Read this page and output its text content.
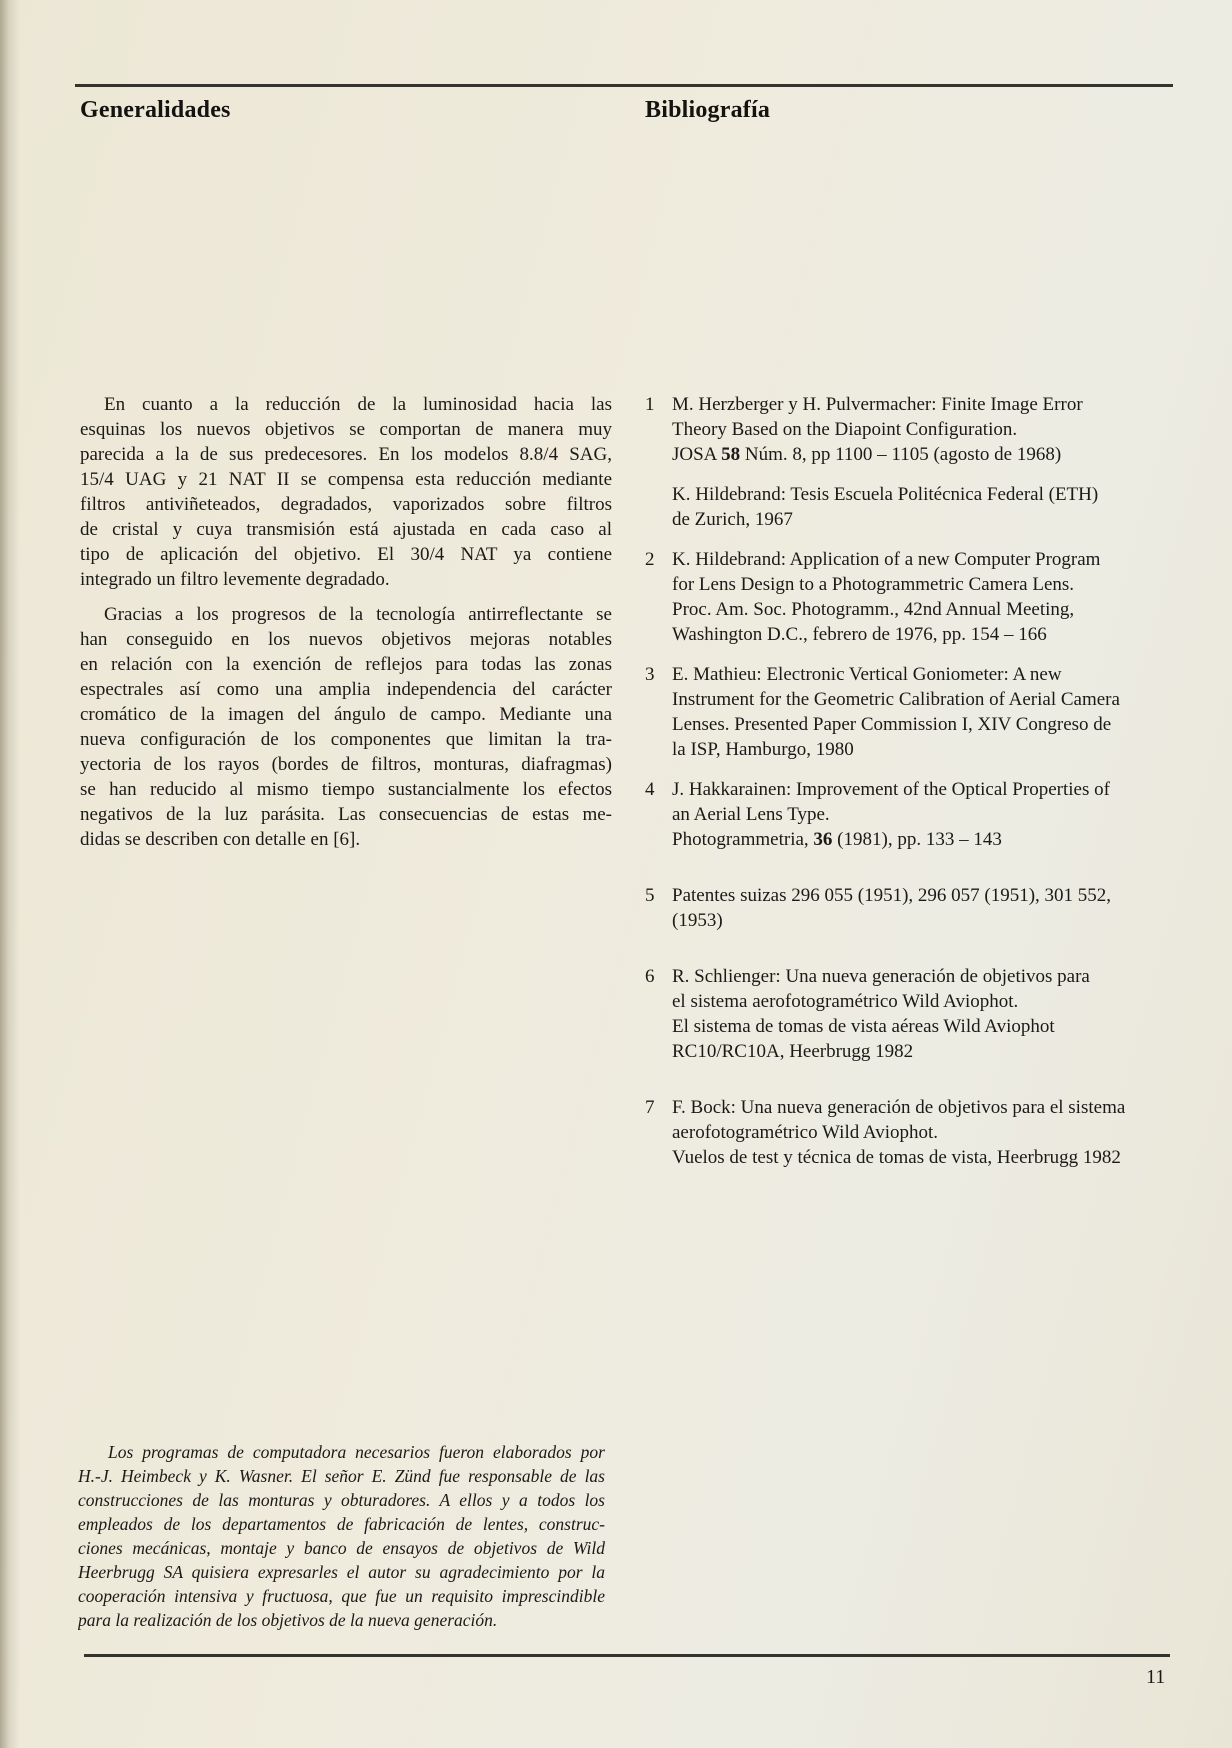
Generalidades	Bibliografía
En cuanto a la reducción de la luminosidad hacia las
esquinas los nuevos objetivos se comportan de manera muy
parecida a la de sus predecesores. En los modelos 8.8/4 SAG,
15/4 UAG y 21 NAT II se compensa esta reducción mediante
filtros antiviñeteados, degradados, vaporizados sobre filtros
de cristal y cuya transmisión está ajustada en cada caso al
tipo de aplicación del objetivo. El 30/4 NAT ya contiene
integrado un filtro levemente degradado.
Gracias a los progresos de la tecnología antirreflectante se
han conseguido en los nuevos objetivos mejoras notables
en relación con la exención de reflejos para todas las zonas
espectrales así como una amplia independencia del carácter
cromático de la imagen del ángulo de campo. Mediante una
nueva configuración de los componentes que limitan la tra-
yectoria de los rayos (bordes de filtros, monturas, diafragmas)
se han reducido al mismo tiempo sustancialmente los efectos
negativos de la luz parásita. Las consecuencias de estas me-
didas se describen con detalle en [6].
1 M. Herzberger y H. Pulvermacher: Finite Image Error
Theory Based on the Diapoint Configuration.
JOSA 58 Núm. 8, pp 1100 – 1105 (agosto de 1968)
K. Hildebrand: Tesis Escuela Politécnica Federal (ETH)
de Zurich, 1967
2 K. Hildebrand: Application of a new Computer Program
for Lens Design to a Photogrammetric Camera Lens.
Proc. Am. Soc. Photogramm., 42nd Annual Meeting,
Washington D.C., febrero de 1976, pp. 154 – 166
3 E. Mathieu: Electronic Vertical Goniometer: A new
Instrument for the Geometric Calibration of Aerial Camera
Lenses. Presented Paper Commission I, XIV Congreso de
la ISP, Hamburgo, 1980
4 J. Hakkarainen: Improvement of the Optical Properties of
an Aerial Lens Type.
Photogrammetria, 36 (1981), pp. 133 – 143
5 Patentes suizas 296 055 (1951), 296 057 (1951), 301 552,
(1953)
6 R. Schlienger: Una nueva generación de objetivos para
el sistema aerofotogramétrico Wild Aviophot.
El sistema de tomas de vista aéreas Wild Aviophot
RC10/RC10A, Heerbrugg 1982
7 F. Bock: Una nueva generación de objetivos para el sistema
aerofotogramétrico Wild Aviophot.
Vuelos de test y técnica de tomas de vista, Heerbrugg 1982
Los programas de computadora necesarios fueron elaborados por
H.-J. Heimbeck y K. Wasner. El señor E. Zünd fue responsable de las
construcciones de las monturas y obturadores. A ellos y a todos los
empleados de los departamentos de fabricación de lentes, construc-
ciones mecánicas, montaje y banco de ensayos de objetivos de Wild
Heerbrugg SA quisiera expresarles el autor su agradecimiento por la
cooperación intensiva y fructuosa, que fue un requisito imprescindible
para la realización de los objetivos de la nueva generación.
11
